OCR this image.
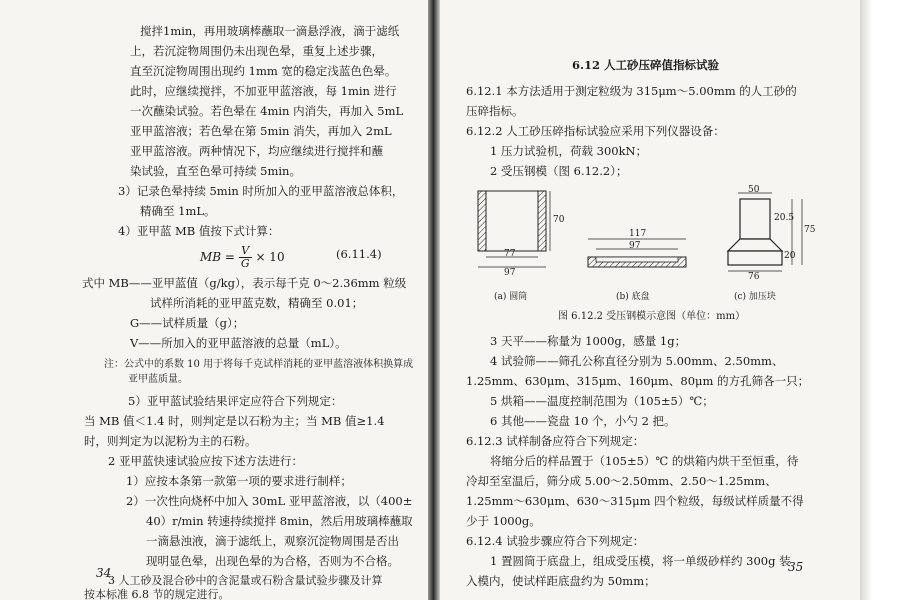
搅拌1min，再用玻璃棒蘸取一滴悬浮液，滴于滤纸
上，若沉淀物周围仍未出现色晕，重复上述步骤，
直至沉淀物周围出现约 1mm 宽的稳定浅蓝色色晕。
此时，应继续搅拌，不加亚甲蓝溶液，每 1min 进行
一次蘸染试验。若色晕在 4min 内消失，再加入 5mL
亚甲蓝溶液；若色晕在第 5min 消失，再加入 2mL
亚甲蓝溶液。两种情况下，均应继续进行搅拌和蘸
染试验，直至色晕可持续 5min。
3）记录色晕持续 5min 时所加入的亚甲蓝溶液总体积，
精确至 1mL。
4）亚甲蓝 MB 值按下式计算：
MB = $\frac{V}{G} \times 10$	(6.11.4)
式中 MB——亚甲蓝值（g/kg），表示每千克 0～2.36mm 粒级
试样所消耗的亚甲蓝克数，精确至 0.01；
G——试样质量（g）；
V——所加入的亚甲蓝溶液的总量（mL）。
注：公式中的系数 10 用于将每千克试样消耗的亚甲蓝溶液体积换算成
亚甲蓝质量。
5）亚甲蓝试验结果评定应符合下列规定：
当 MB 值＜1.4 时，则判定是以石粉为主；当 MB 值≥1.4
时，则判定为以泥粉为主的石粉。
2 亚甲蓝快速试验应按下述方法进行：
1）应按本条第一款第一项的要求进行制样；
2）一次性向烧杯中加入 30mL 亚甲蓝溶液，以（400±
40）r/min 转速持续搅拌 8min，然后用玻璃棒蘸取
一滴悬浊液，滴于滤纸上，观察沉淀物周围是否出
现明显色晕，出现色晕的为合格，否则为不合格。
3 人工砂及混合砂中的含泥量或石粉含量试验步骤及计算
按本标准 6.8 节的规定进行。
34
6.12 人工砂压碎值指标试验
6.12.1 本方法适用于测定粒级为 315μm～5.00mm 的人工砂的
压碎指标。
6.12.2 人工砂压碎指标试验应采用下列仪器设备：
1 压力试验机，荷载 300kN；
2 受压钢模（图 6.12.2）；
图 6.12.2 受压钢模示意图（单位：mm）
3 天平——称量为 1000g，感量 1g；
4 试验筛——筛孔公称直径分别为 5.00mm、2.50mm、
1.25mm、630μm、315μm、160μm、80μm 的方孔筛各一只；
5 烘箱——温度控制范围为（105±5）℃；
6 其他——瓷盘 10 个，小勺 2 把。
6.12.3 试样制备应符合下列规定：
将缩分后的样品置于（105±5）℃ 的烘箱内烘干至恒重，待
冷却至室温后，筛分成 5.00～2.50mm、2.50～1.25mm、
1.25mm～630μm、630～315μm 四个粒级，每级试样质量不得
少于 1000g。
6.12.4 试验步骤应符合下列规定：
1 置圆筒于底盘上，组成受压模，将一单级砂样约 300g 装
入模内，使试样距底盘约为 50mm；
35
77
97
70
117
97
50
20.5
75
20
76
(a) 圆筒	(b) 底盘	(c) 加压块
